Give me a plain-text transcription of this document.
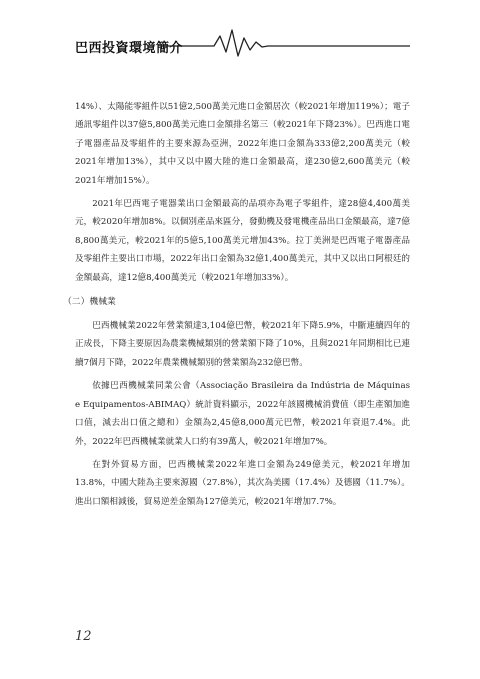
巴西投資環境簡介

14%）、太陽能零組件以51億2,500萬美元進口金額居次（較2021年增加119%）；電子通訊零組件以37億5,800萬美元進口金額排名第三（較2021年下降23%）。巴西進口電子電器產品及零組件的主要來源為亞洲，2022年進口金額為333億2,200萬美元（較2021年增加13%），其中又以中國大陸的進口金額最高，達230億2,600萬美元（較2021年增加15%）。

2021年巴西電子電器業出口金額最高的品項亦為電子零組件，達28億4,400萬美元，較2020年增加8%。以個別產品來區分，發動機及發電機產品出口金額最高，達7億8,800萬美元，較2021年的5億5,100萬美元增加43%。拉丁美洲是巴西電子電器產品及零組件主要出口市場，2022年出口金額為32億1,400萬美元，其中又以出口阿根廷的金額最高，達12億8,400萬美元（較2021年增加33%）。

（二）機械業

巴西機械業2022年營業額達3,104億巴幣，較2021年下降5.9%，中斷連續四年的正成長，下降主要原因為農業機械類別的營業額下降了10%，且與2021年同期相比已連續7個月下降，2022年農業機械類別的營業額為232億巴幣。

依據巴西機械業同業公會（Associação Brasileira da Indústria de Máquinas e Equipamentos-ABIMAQ）統計資料顯示，2022年該國機械消費值（即生產額加進口值，減去出口值之總和）金額為2,45億8,000萬元巴幣，較2021年衰退7.4%。此外，2022年巴西機械業就業人口約有39萬人，較2021年增加7%。

在對外貿易方面，巴西機械業2022年進口金額為249億美元，較2021年增加13.8%，中國大陸為主要來源國（27.8%），其次為美國（17.4%）及德國（11.7%）。進出口額相減後，貿易逆差金額為127億美元，較2021年增加7.7%。

12
